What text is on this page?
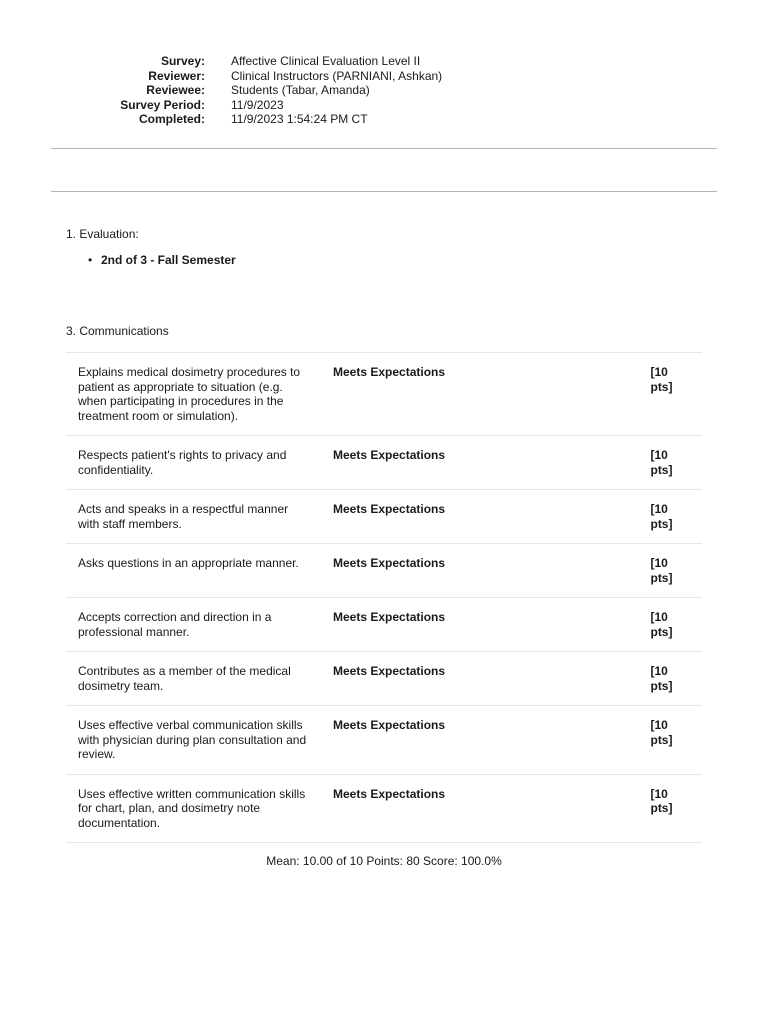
Survey: Affective Clinical Evaluation Level II
Reviewer: Clinical Instructors (PARNIANI, Ashkan)
Reviewee: Students (Tabar, Amanda)
Survey Period: 11/9/2023
Completed: 11/9/2023 1:54:24 PM CT
1. Evaluation:
• 2nd of 3 - Fall Semester
3. Communications
Explains medical dosimetry procedures to patient as appropriate to situation (e.g. when participating in procedures in the treatment room or simulation).	Meets Expectations	[10 pts]
Respects patient's rights to privacy and confidentiality.	Meets Expectations	[10 pts]
Acts and speaks in a respectful manner with staff members.	Meets Expectations	[10 pts]
Asks questions in an appropriate manner.	Meets Expectations	[10 pts]
Accepts correction and direction in a professional manner.	Meets Expectations	[10 pts]
Contributes as a member of the medical dosimetry team.	Meets Expectations	[10 pts]
Uses effective verbal communication skills with physician during plan consultation and review.	Meets Expectations	[10 pts]
Uses effective written communication skills for chart, plan, and dosimetry note documentation.	Meets Expectations	[10 pts]
Mean: 10.00 of 10 Points: 80 Score: 100.0%
